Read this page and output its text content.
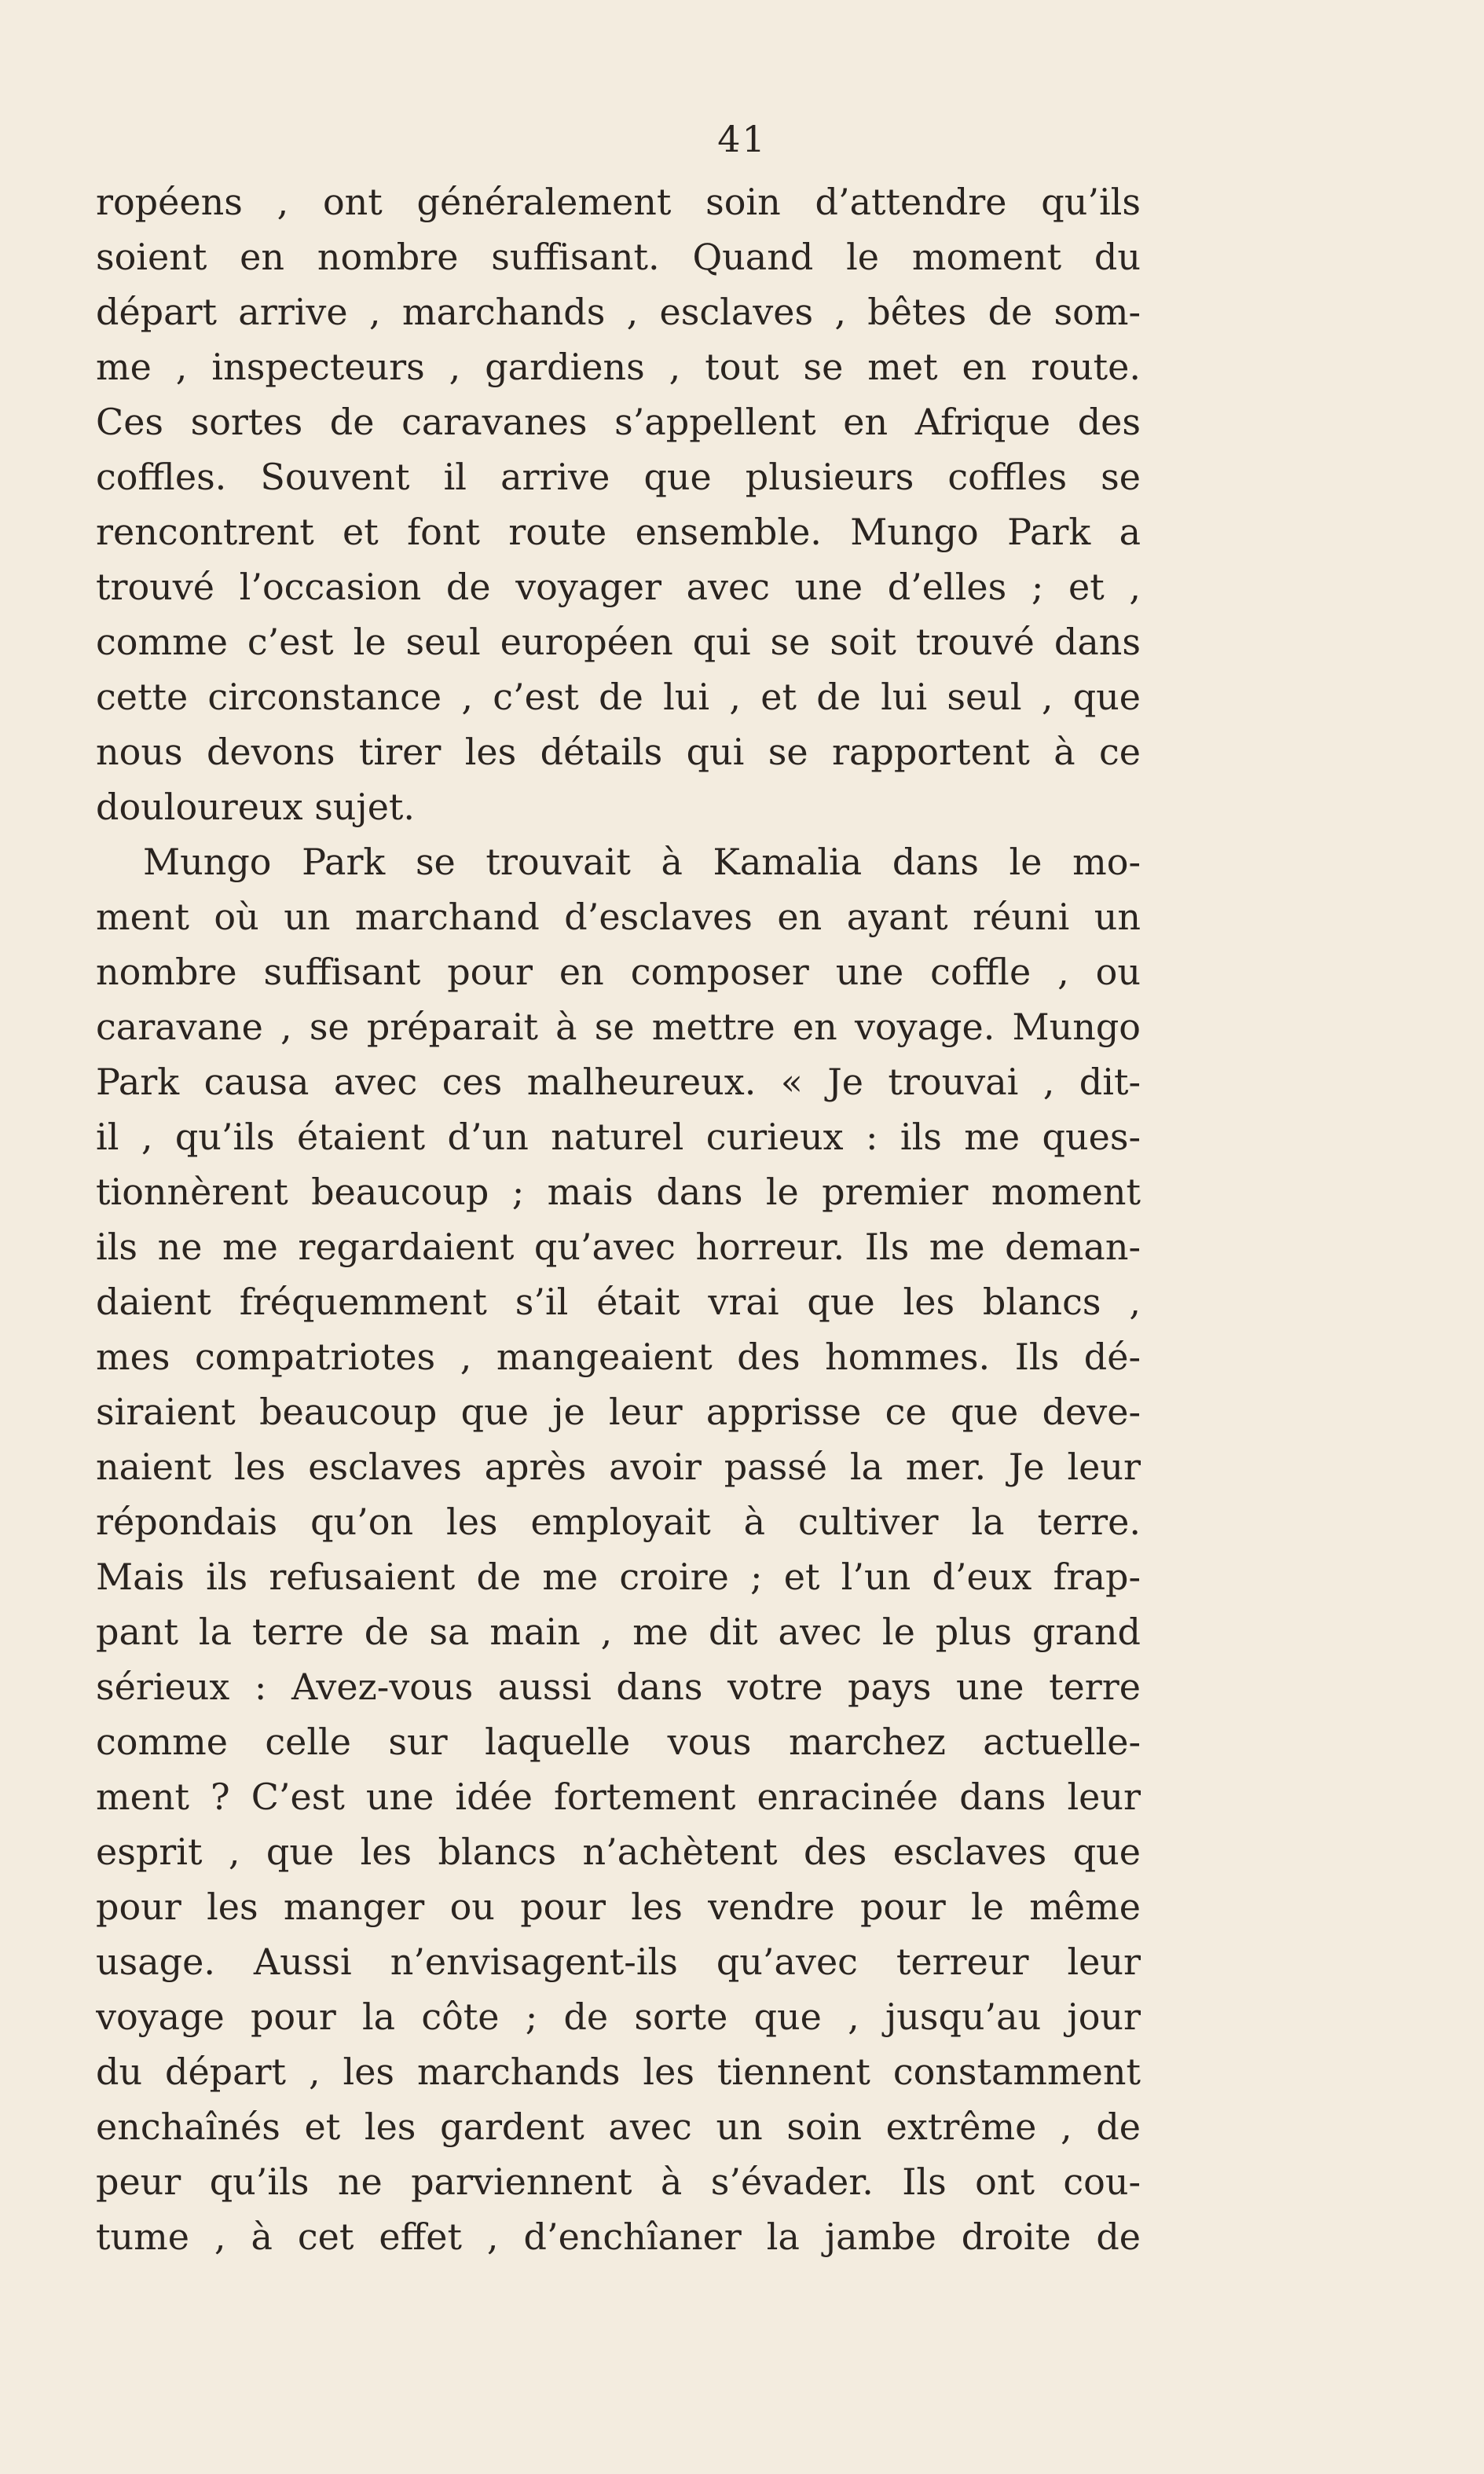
41
ropéens , ont généralement soin d’attendre qu’ils
soient en nombre suffisant. Quand le moment du
départ arrive , marchands , esclaves , bêtes de som-
me , inspecteurs , gardiens , tout se met en route.
Ces sortes de caravanes s’appellent en Afrique des
coffles. Souvent il arrive que plusieurs coffles se
rencontrent et font route ensemble. Mungo Park a
trouvé l’occasion de voyager avec une d’elles ; et ,
comme c’est le seul européen qui se soit trouvé dans
cette circonstance , c’est de lui , et de lui seul , que
nous devons tirer les détails qui se rapportent à ce
douloureux sujet.
Mungo Park se trouvait à Kamalia dans le mo-
ment où un marchand d’esclaves en ayant réuni un
nombre suffisant pour en composer une coffle , ou
caravane , se préparait à se mettre en voyage. Mungo
Park causa avec ces malheureux. « Je trouvai , dit-
il , qu’ils étaient d’un naturel curieux : ils me ques-
tionnèrent beaucoup ; mais dans le premier moment
ils ne me regardaient qu’avec horreur. Ils me deman-
daient fréquemment s’il était vrai que les blancs ,
mes compatriotes , mangeaient des hommes. Ils dé-
siraient beaucoup que je leur apprisse ce que deve-
naient les esclaves après avoir passé la mer. Je leur
répondais qu’on les employait à cultiver la terre.
Mais ils refusaient de me croire ; et l’un d’eux frap-
pant la terre de sa main , me dit avec le plus grand
sérieux : Avez-vous aussi dans votre pays une terre
comme celle sur laquelle vous marchez actuelle-
ment ? C’est une idée fortement enracinée dans leur
esprit , que les blancs n’achètent des esclaves que
pour les manger ou pour les vendre pour le même
usage. Aussi n’envisagent-ils qu’avec terreur leur
voyage pour la côte ; de sorte que , jusqu’au jour
du départ , les marchands les tiennent constamment
enchaînés et les gardent avec un soin extrême , de
peur qu’ils ne parviennent à s’évader. Ils ont cou-
tume , à cet effet , d’enchîaner la jambe droite de
